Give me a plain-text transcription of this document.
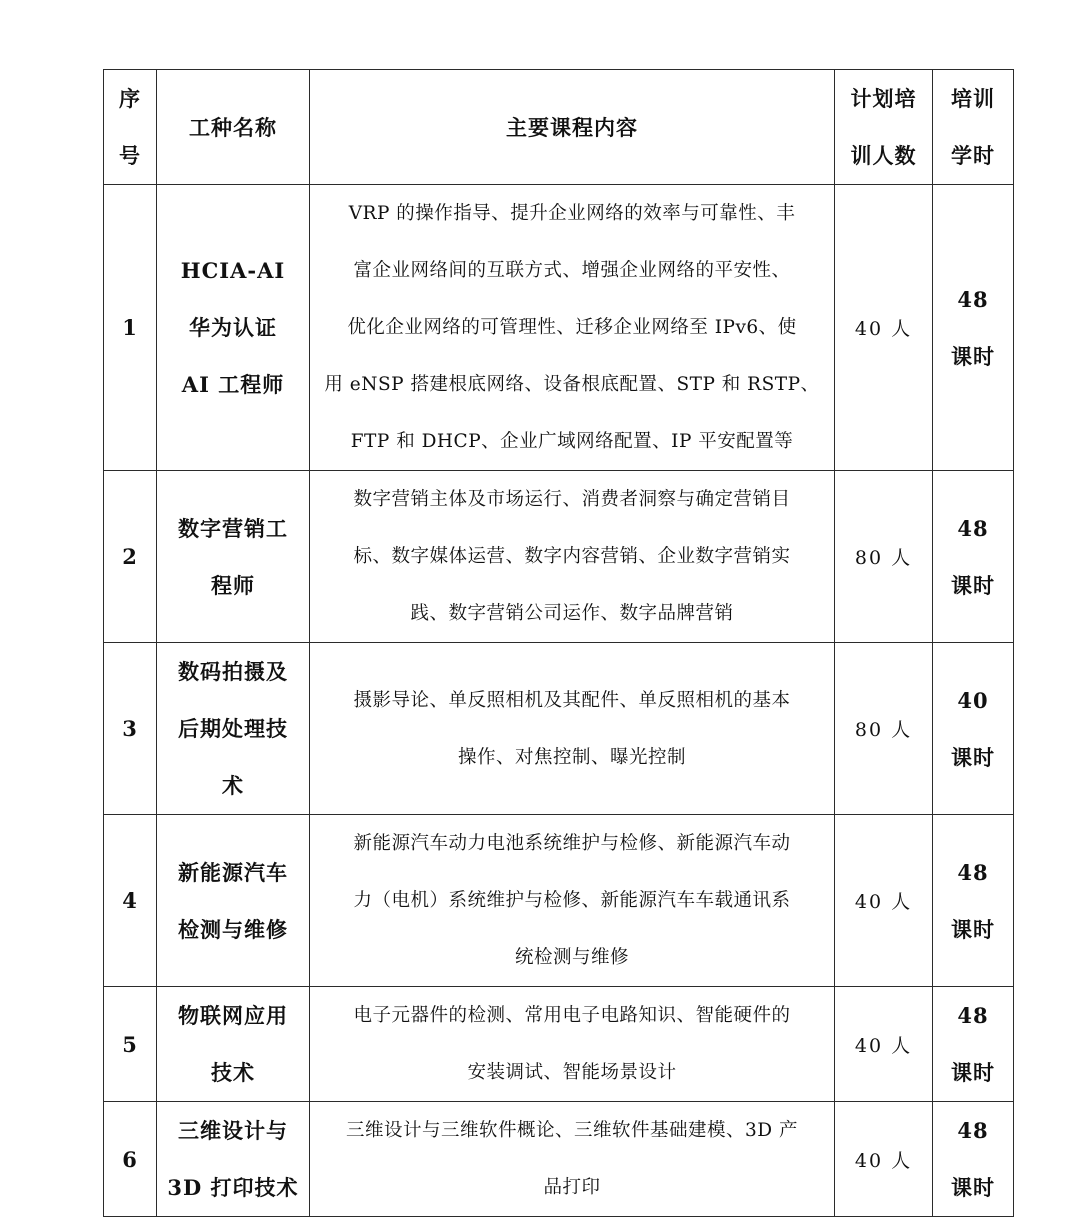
序
号	工种名称	主要课程内容	计划培
训人数	培训
学时

1	HCIA-AI
华为认证
AI 工程师	VRP 的操作指导、提升企业网络的效率与可靠性、丰
富企业网络间的互联方式、增强企业网络的平安性、
优化企业网络的可管理性、迁移企业网络至 IPv6、使
用 eNSP 搭建根底网络、设备根底配置、STP 和 RSTP、
FTP 和 DHCP、企业广域网络配置、IP 平安配置等	40 人	48
课时

2	数字营销工
程师	数字营销主体及市场运行、消费者洞察与确定营销目
标、数字媒体运营、数字内容营销、企业数字营销实
践、数字营销公司运作、数字品牌营销	80 人	48
课时

3	数码拍摄及
后期处理技
术	摄影导论、单反照相机及其配件、单反照相机的基本
操作、对焦控制、曝光控制	80 人	40
课时

4	新能源汽车
检测与维修	新能源汽车动力电池系统维护与检修、新能源汽车动
力（电机）系统维护与检修、新能源汽车车载通讯系
统检测与维修	40 人	48
课时

5	物联网应用
技术	电子元器件的检测、常用电子电路知识、智能硬件的
安装调试、智能场景设计	40 人	48
课时

6	三维设计与
3D 打印技术	三维设计与三维软件概论、三维软件基础建模、3D 产
品打印	40 人	48
课时
